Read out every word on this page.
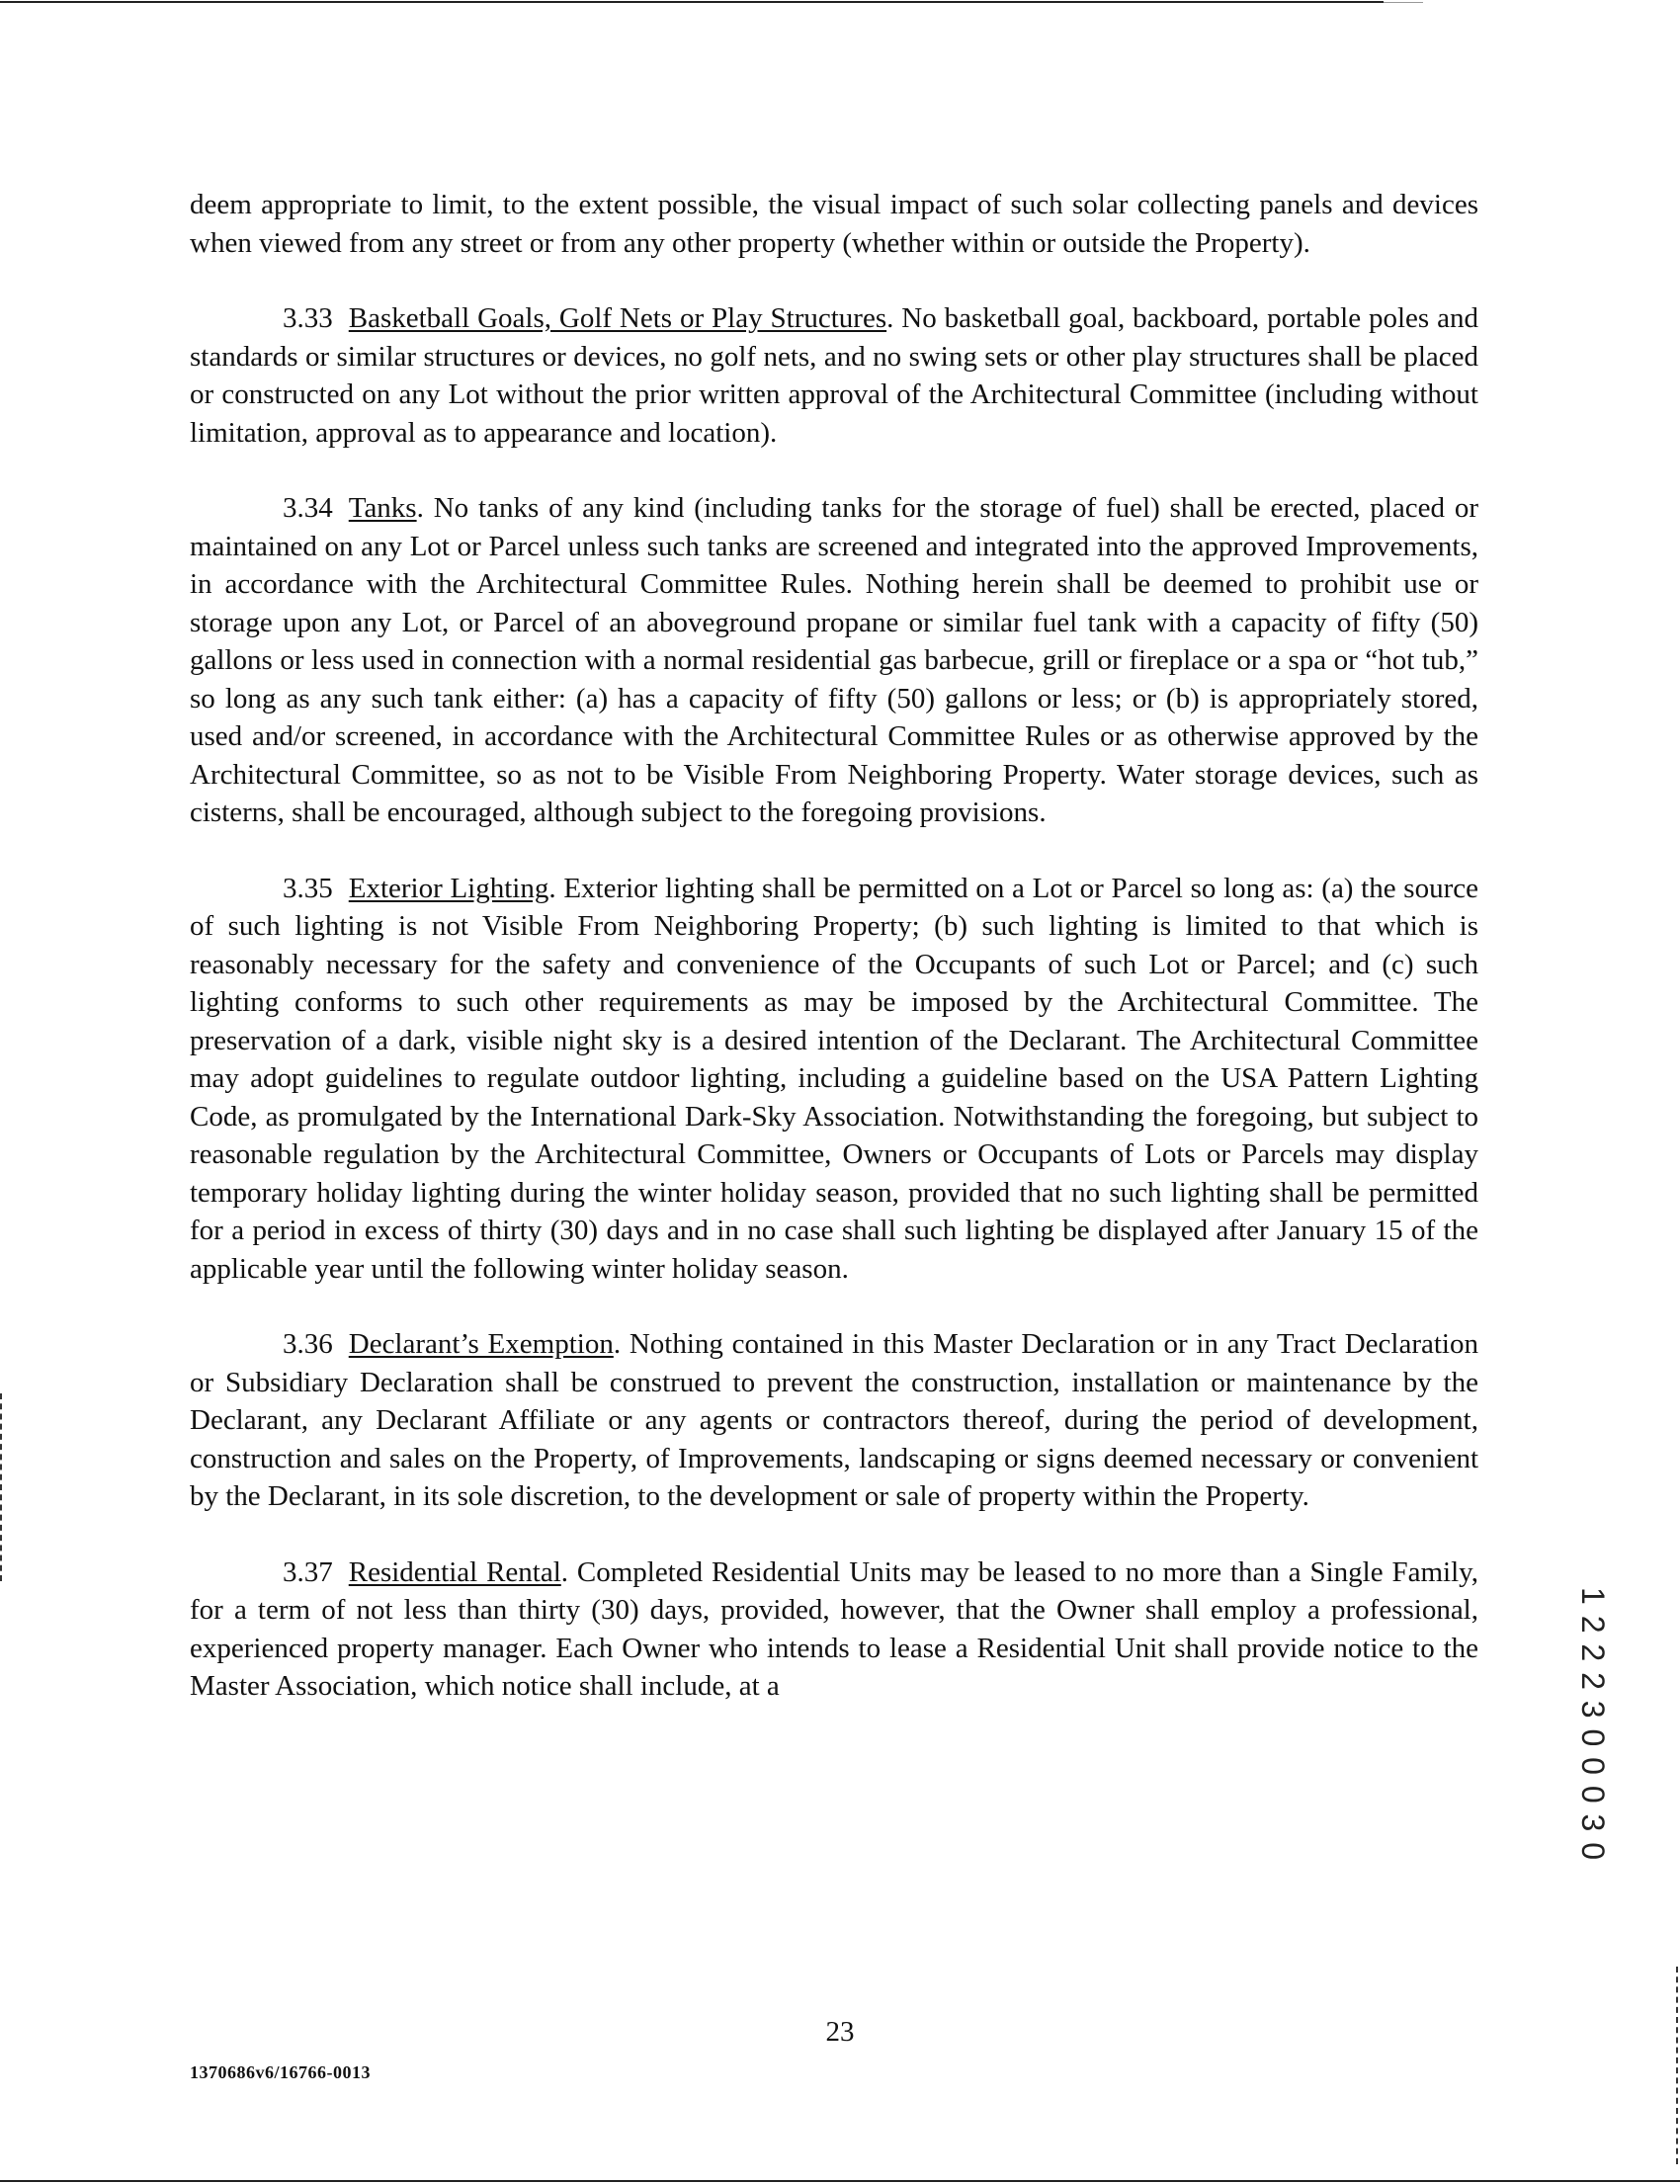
deem appropriate to limit, to the extent possible, the visual impact of such solar collecting panels and devices when viewed from any street or from any other property (whether within or outside the Property).

3.33 Basketball Goals, Golf Nets or Play Structures. No basketball goal, backboard, portable poles and standards or similar structures or devices, no golf nets, and no swing sets or other play structures shall be placed or constructed on any Lot without the prior written approval of the Architectural Committee (including without limitation, approval as to appearance and location).

3.34 Tanks. No tanks of any kind (including tanks for the storage of fuel) shall be erected, placed or maintained on any Lot or Parcel unless such tanks are screened and integrated into the approved Improvements, in accordance with the Architectural Committee Rules. Nothing herein shall be deemed to prohibit use or storage upon any Lot, or Parcel of an aboveground propane or similar fuel tank with a capacity of fifty (50) gallons or less used in connection with a normal residential gas barbecue, grill or fireplace or a spa or “hot tub,” so long as any such tank either: (a) has a capacity of fifty (50) gallons or less; or (b) is appropriately stored, used and/or screened, in accordance with the Architectural Committee Rules or as otherwise approved by the Architectural Committee, so as not to be Visible From Neighboring Property. Water storage devices, such as cisterns, shall be encouraged, although subject to the foregoing provisions.

3.35 Exterior Lighting. Exterior lighting shall be permitted on a Lot or Parcel so long as: (a) the source of such lighting is not Visible From Neighboring Property; (b) such lighting is limited to that which is reasonably necessary for the safety and convenience of the Occupants of such Lot or Parcel; and (c) such lighting conforms to such other requirements as may be imposed by the Architectural Committee. The preservation of a dark, visible night sky is a desired intention of the Declarant. The Architectural Committee may adopt guidelines to regulate outdoor lighting, including a guideline based on the USA Pattern Lighting Code, as promulgated by the International Dark-Sky Association. Notwithstanding the foregoing, but subject to reasonable regulation by the Architectural Committee, Owners or Occupants of Lots or Parcels may display temporary holiday lighting during the winter holiday season, provided that no such lighting shall be permitted for a period in excess of thirty (30) days and in no case shall such lighting be displayed after January 15 of the applicable year until the following winter holiday season.

3.36 Declarant’s Exemption. Nothing contained in this Master Declaration or in any Tract Declaration or Subsidiary Declaration shall be construed to prevent the construction, installation or maintenance by the Declarant, any Declarant Affiliate or any agents or contractors thereof, during the period of development, construction and sales on the Property, of Improvements, landscaping or signs deemed necessary or convenient by the Declarant, in its sole discretion, to the development or sale of property within the Property.

3.37 Residential Rental. Completed Residential Units may be leased to no more than a Single Family, for a term of not less than thirty (30) days, provided, however, that the Owner shall employ a professional, experienced property manager. Each Owner who intends to lease a Residential Unit shall provide notice to the Master Association, which notice shall include, at a	1 2 2 2 3 0 0 0 3 0
23
1370686v6/16766-0013
